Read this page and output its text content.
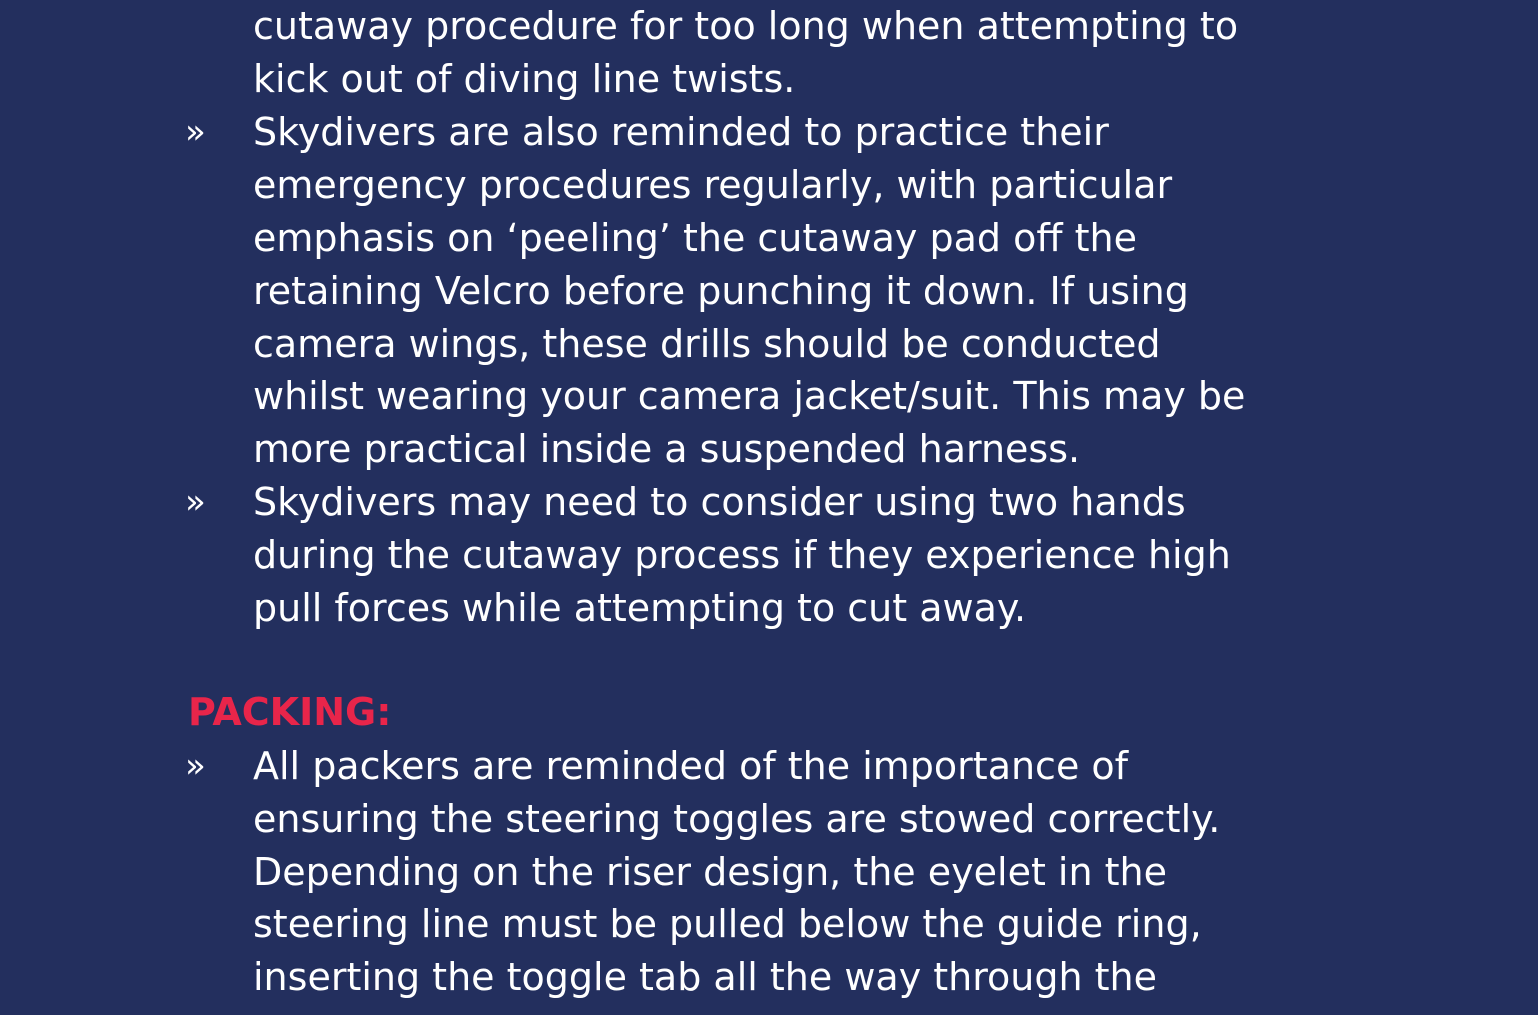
cutaway procedure for too long when attempting to
kick out of diving line twists.
» Skydivers are also reminded to practice their
emergency procedures regularly, with particular
emphasis on ‘peeling’ the cutaway pad off the
retaining Velcro before punching it down. If using
camera wings, these drills should be conducted
whilst wearing your camera jacket/suit. This may be
more practical inside a suspended harness.
» Skydivers may need to consider using two hands
during the cutaway process if they experience high
pull forces while attempting to cut away.
PACKING:
» All packers are reminded of the importance of
ensuring the steering toggles are stowed correctly.
Depending on the riser design, the eyelet in the
steering line must be pulled below the guide ring,
inserting the toggle tab all the way through the
